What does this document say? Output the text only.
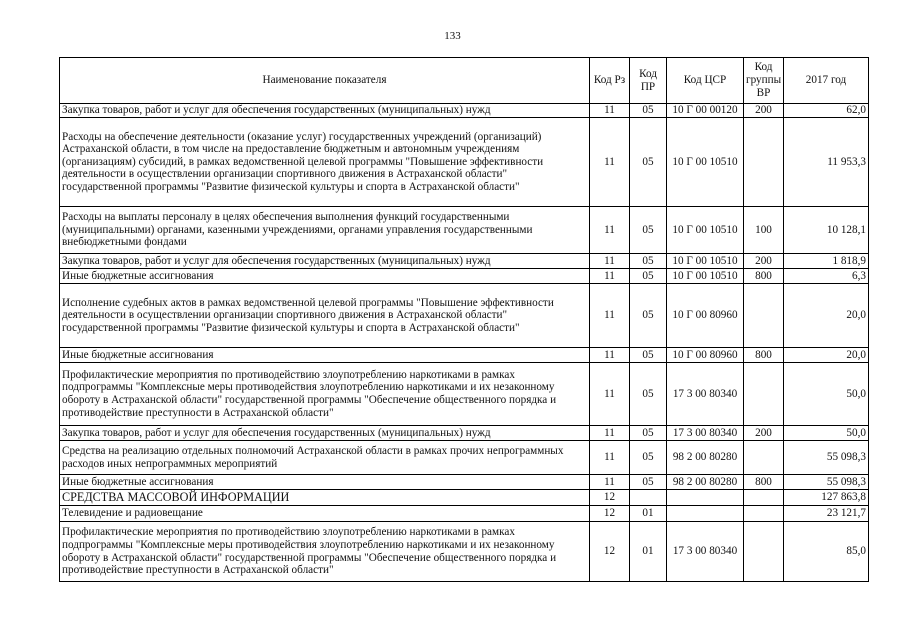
133
Наименование показателя	Код Рз	Код ПР	Код ЦСР	Код группы ВР	2017 год
Закупка товаров, работ и услуг для обеспечения государственных (муниципальных) нужд	11	05	10 Г 00 00120	200	62,0
Расходы на обеспечение деятельности (оказание услуг) государственных учреждений (организаций) Астраханской области, в том числе на предоставление бюджетным и автономным учреждениям (организациям) субсидий, в рамках ведомственной целевой программы "Повышение эффективности деятельности в осуществлении организации спортивного движения в Астраханской области" государственной программы "Развитие физической культуры и спорта в Астраханской области"	11	05	10 Г 00 10510		11 953,3
Расходы на выплаты персоналу в целях обеспечения выполнения функций государственными (муниципальными) органами, казенными учреждениями, органами управления государственными внебюджетными фондами	11	05	10 Г 00 10510	100	10 128,1
Закупка товаров, работ и услуг для обеспечения государственных (муниципальных) нужд	11	05	10 Г 00 10510	200	1 818,9
Иные бюджетные ассигнования	11	05	10 Г 00 10510	800	6,3
Исполнение судебных актов в рамках ведомственной целевой программы "Повышение эффективности деятельности в осуществлении организации спортивного движения в Астраханской области" государственной программы "Развитие физической культуры и спорта в Астраханской области"	11	05	10 Г 00 80960		20,0
Иные бюджетные ассигнования	11	05	10 Г 00 80960	800	20,0
Профилактические мероприятия по противодействию злоупотреблению наркотиками в рамках подпрограммы "Комплексные меры противодействия злоупотреблению наркотиками и их незаконному обороту в Астраханской области" государственной программы "Обеспечение общественного порядка и противодействие преступности в Астраханской области"	11	05	17 3 00 80340		50,0
Закупка товаров, работ и услуг для обеспечения государственных (муниципальных) нужд	11	05	17 3 00 80340	200	50,0
Средства на реализацию отдельных полномочий Астраханской области в рамках прочих непрограммных расходов иных непрограммных мероприятий	11	05	98 2 00 80280		55 098,3
Иные бюджетные ассигнования	11	05	98 2 00 80280	800	55 098,3
СРЕДСТВА МАССОВОЙ ИНФОРМАЦИИ	12				127 863,8
Телевидение и радиовещание	12	01			23 121,7
Профилактические мероприятия по противодействию злоупотреблению наркотиками в рамках подпрограммы "Комплексные меры противодействия злоупотреблению наркотиками и их незаконному обороту в Астраханской области" государственной программы "Обеспечение общественного порядка и противодействие преступности в Астраханской области"	12	01	17 3 00 80340		85,0
